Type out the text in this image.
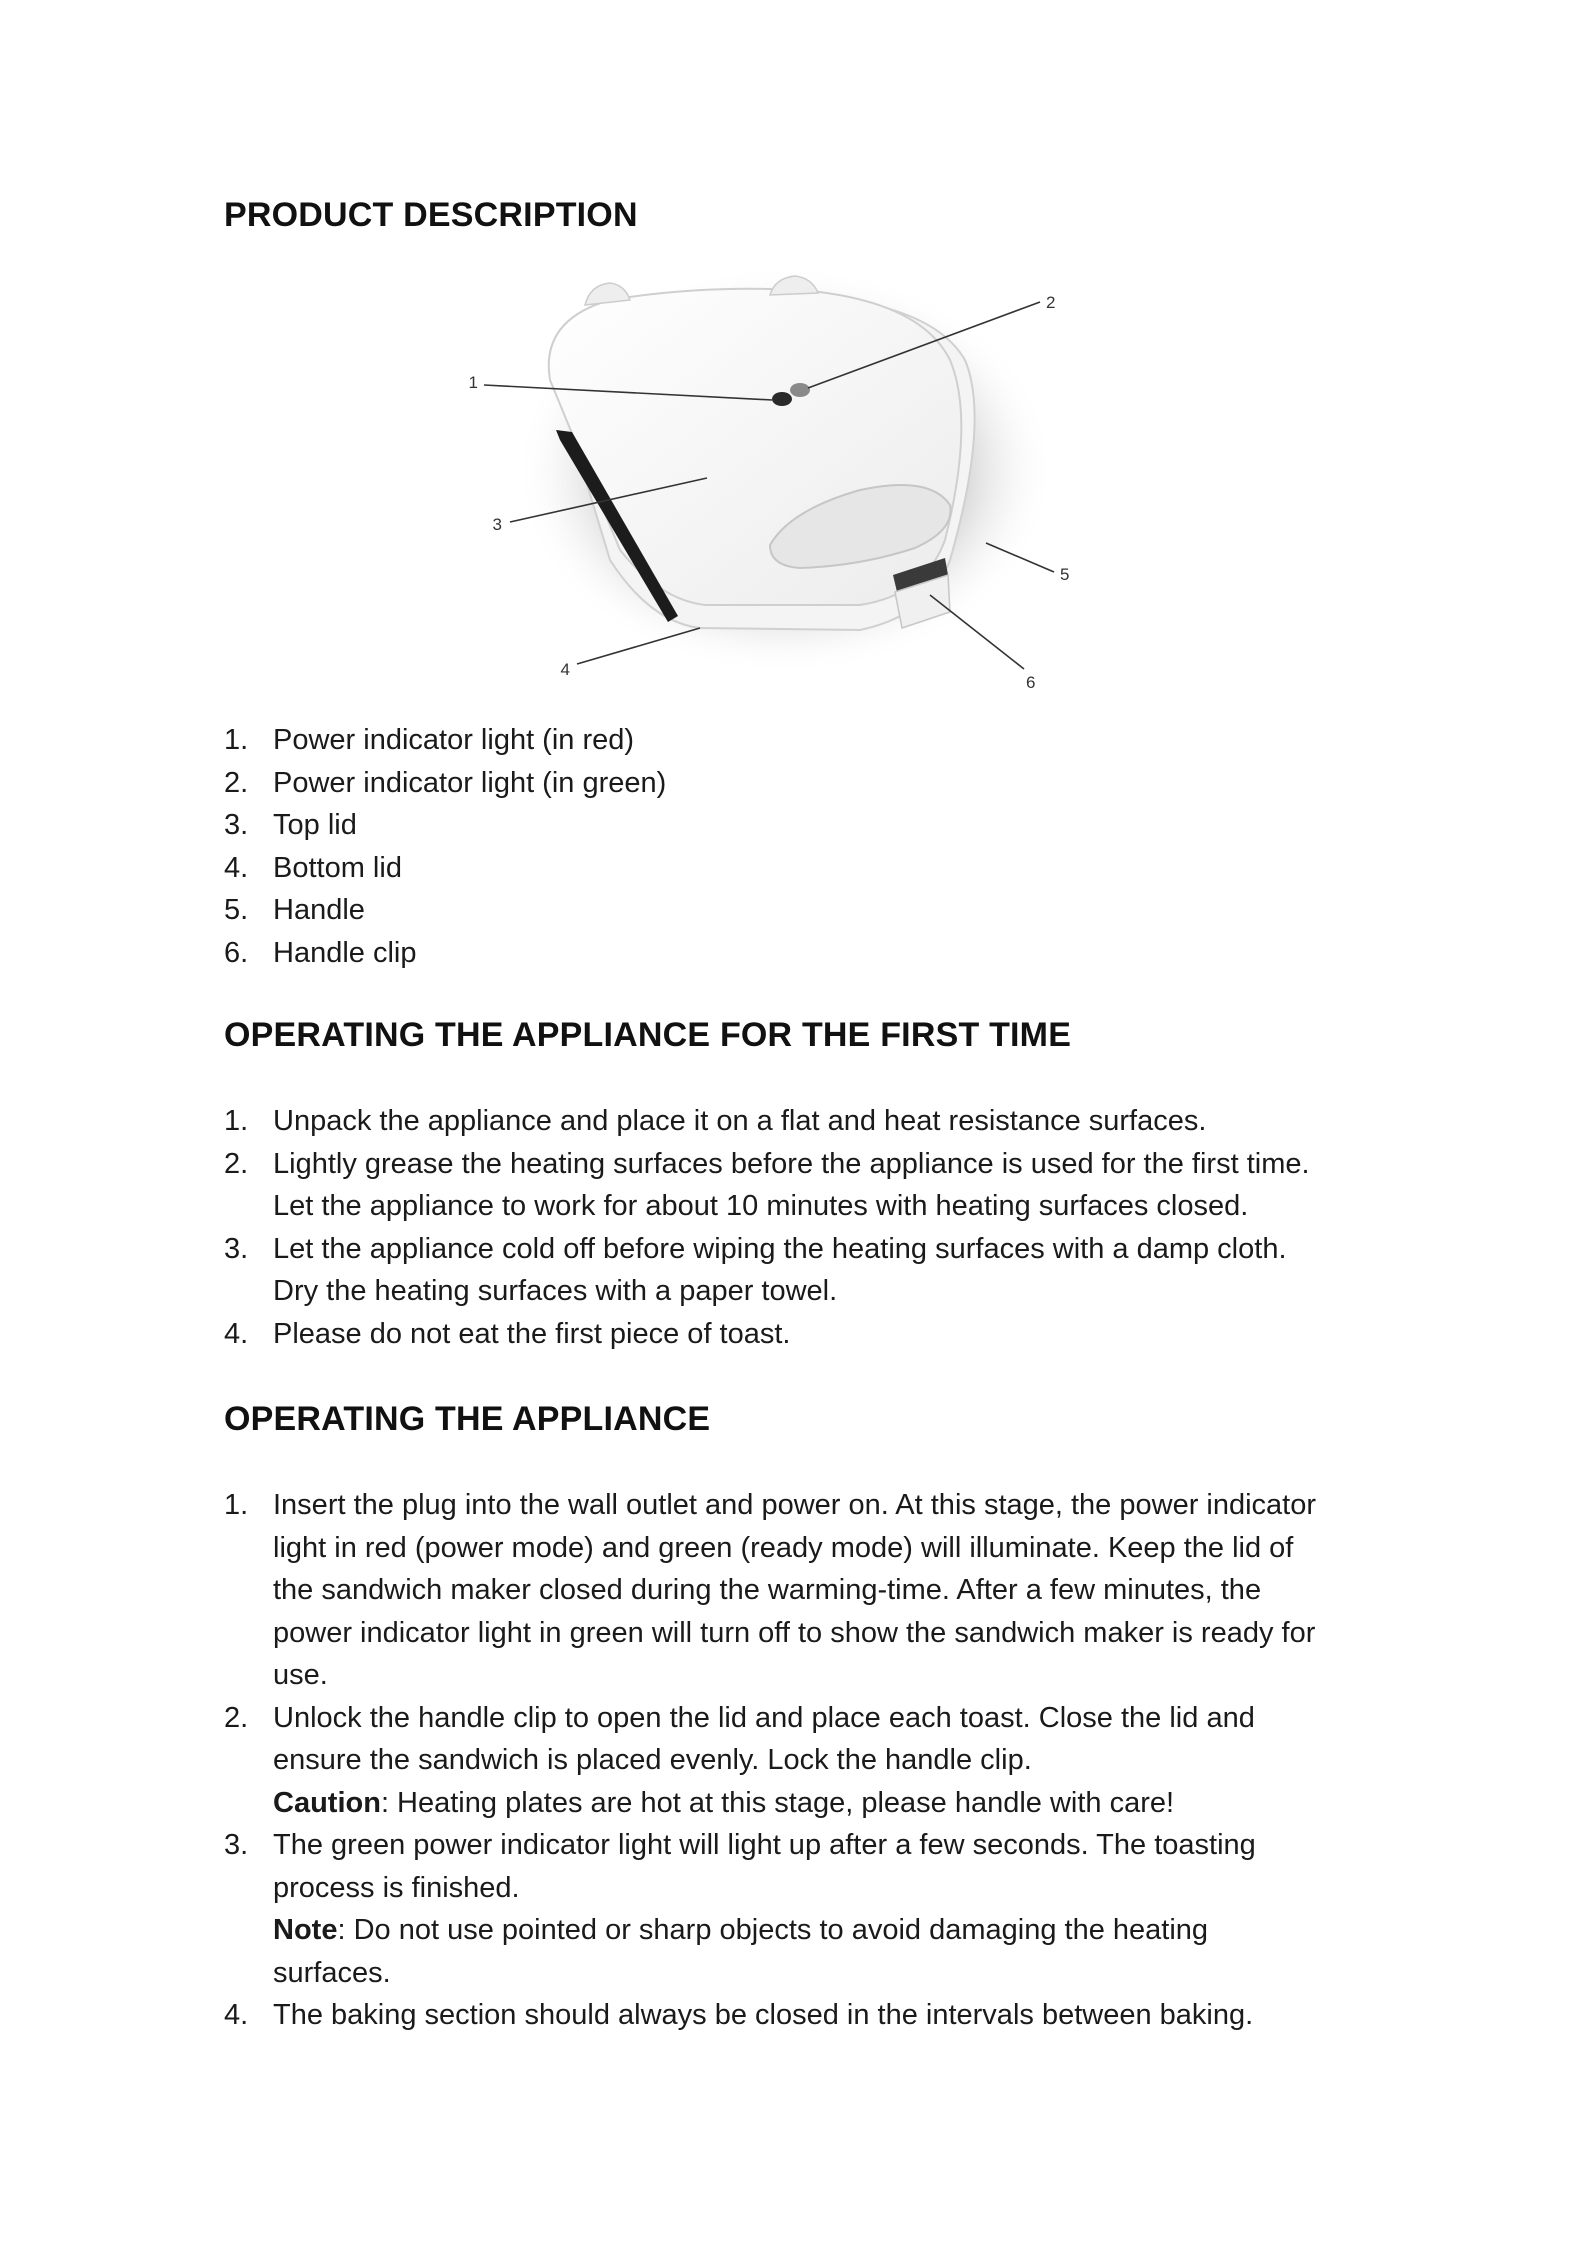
PRODUCT DESCRIPTION
1
2
3
4
5
6
1. Power indicator light (in red)
2. Power indicator light (in green)
3. Top lid
4. Bottom lid
5. Handle
6. Handle clip
OPERATING THE APPLIANCE FOR THE FIRST TIME
1. Unpack the appliance and place it on a flat and heat resistance surfaces.
2. Lightly grease the heating surfaces before the appliance is used for the first time.
Let the appliance to work for about 10 minutes with heating surfaces closed.
3. Let the appliance cold off before wiping the heating surfaces with a damp cloth.
Dry the heating surfaces with a paper towel.
4. Please do not eat the first piece of toast.
OPERATING THE APPLIANCE
1. Insert the plug into the wall outlet and power on. At this stage, the power indicator
light in red (power mode) and green (ready mode) will illuminate. Keep the lid of
the sandwich maker closed during the warming-time. After a few minutes, the
power indicator light in green will turn off to show the sandwich maker is ready for
use.
2. Unlock the handle clip to open the lid and place each toast. Close the lid and
ensure the sandwich is placed evenly. Lock the handle clip.
Caution: Heating plates are hot at this stage, please handle with care!
3. The green power indicator light will light up after a few seconds. The toasting
process is finished.
Note: Do not use pointed or sharp objects to avoid damaging the heating
surfaces.
4. The baking section should always be closed in the intervals between baking.
